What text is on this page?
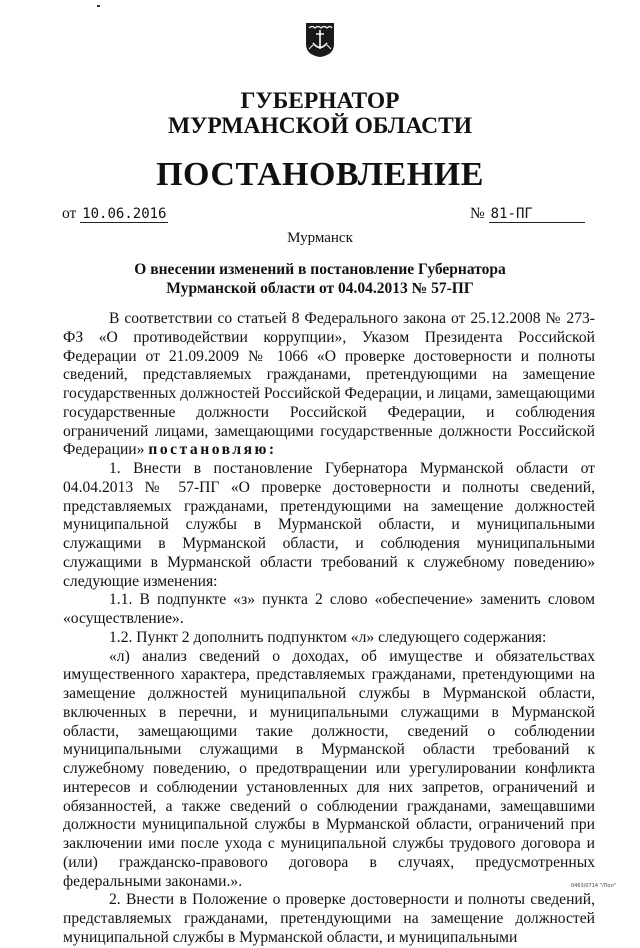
ГУБЕРНАТОР
МУРМАНСКОЙ ОБЛАСТИ
ПОСТАНОВЛЕНИЕ
от 10.06.2016	№ 81-ПГ
Мурманск
О внесении изменений в постановление Губернатора
Мурманской области от 04.04.2013 № 57-ПГ

В соответствии со статьей 8 Федерального закона от 25.12.2008 № 273-ФЗ «О противодействии коррупции», Указом Президента Российской Федерации от 21.09.2009 № 1066 «О проверке достоверности и полноты сведений, представляемых гражданами, претендующими на замещение государственных должностей Российской Федерации, и лицами, замещающими государственные должности Российской Федерации, и соблюдения ограничений лицами, замещающими государственные должности Российской Федерации» постановляю:

1. Внести в постановление Губернатора Мурманской области от 04.04.2013 № 57-ПГ «О проверке достоверности и полноты сведений, представляемых гражданами, претендующими на замещение должностей муниципальной службы в Мурманской области, и муниципальными служащими в Мурманской области, и соблюдения муниципальными служащими в Мурманской области требований к служебному поведению» следующие изменения:

1.1. В подпункте «з» пункта 2 слово «обеспечение» заменить словом «осуществление».

1.2. Пункт 2 дополнить подпунктом «л» следующего содержания:

«л) анализ сведений о доходах, об имуществе и обязательствах имущественного характера, представляемых гражданами, претендующими на замещение должностей муниципальной службы в Мурманской области, включенных в перечни, и муниципальными служащими в Мурманской области, замещающими такие должности, сведений о соблюдении муниципальными служащими в Мурманской области требований к служебному поведению, о предотвращении или урегулировании конфликта интересов и соблюдении установленных для них запретов, ограничений и обязанностей, а также сведений о соблюдении гражданами, замещавшими должности муниципальной службы в Мурманской области, ограничений при заключении ими после ухода с муниципальной службы трудового договора и (или) гражданско-правового договора в случаях, предусмотренных федеральными законами.».

2. Внести в Положение о проверке достоверности и полноты сведений, представляемых гражданами, претендующими на замещение должностей муниципальной службы в Мурманской области, и муниципальными

0463/0714 "/Пол"
